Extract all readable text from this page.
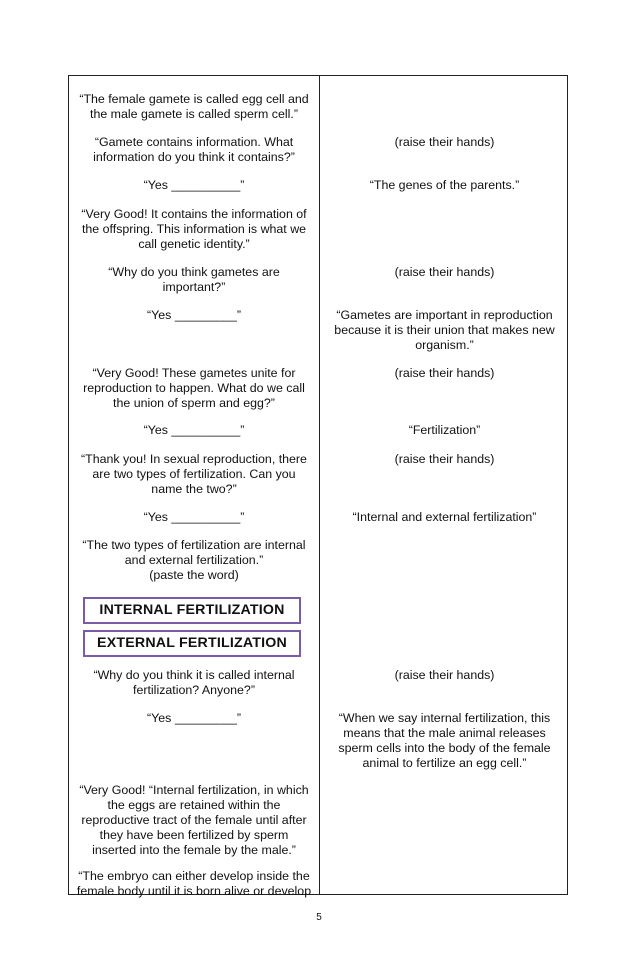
“The female gamete is called egg cell and
the male gamete is called sperm cell.”
“Gamete contains information. What
information do you think it contains?”
“Yes __________”
“Very Good! It contains the information of
the offspring. This information is what we
call genetic identity.”
“Why do you think gametes are
important?”
“Yes _________”
“Very Good! These gametes unite for
reproduction to happen. What do we call
the union of sperm and egg?”
“Yes __________”
“Thank you! In sexual reproduction, there
are two types of fertilization. Can you
name the two?”
“Yes __________”
“The two types of fertilization are internal
and external fertilization.”
(paste the word)
“Why do you think it is called internal
fertilization? Anyone?”
“Yes _________”
“Very Good! “Internal fertilization, in which
the eggs are retained within the
reproductive tract of the female until after
they have been fertilized by sperm
inserted into the female by the male.”
“The embryo can either develop inside the
female body until it is born alive or develop
(raise their hands)
“The genes of the parents.”
(raise their hands)
“Gametes are important in reproduction
because it is their union that makes new
organism.”
(raise their hands)
“Fertilization”
(raise their hands)
“Internal and external fertilization”
(raise their hands)
“When we say internal fertilization, this
means that the male animal releases
sperm cells into the body of the female
animal to fertilize an egg cell.”
INTERNAL FERTILIZATION
EXTERNAL FERTILIZATION
5
